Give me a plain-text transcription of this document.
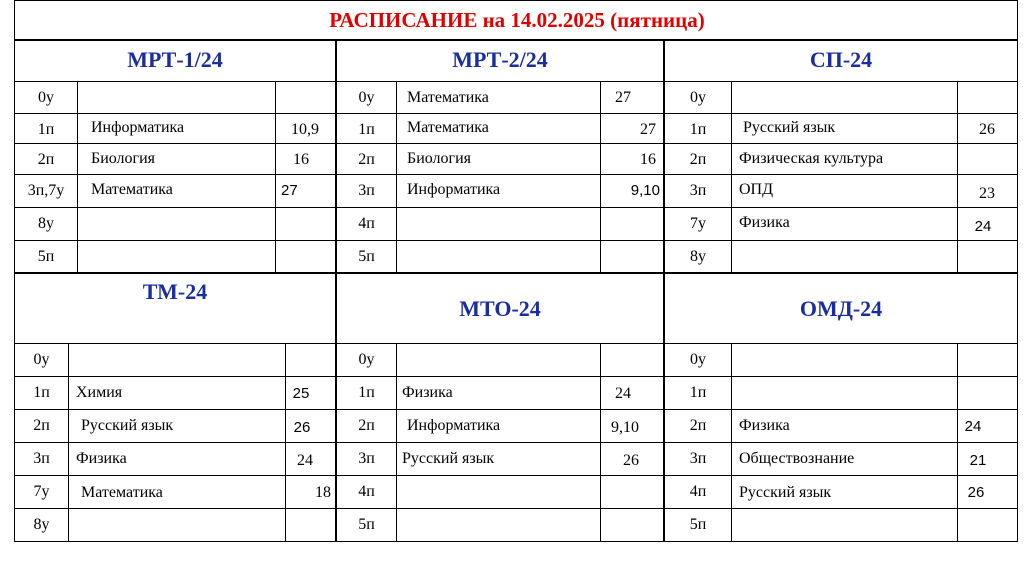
РАСПИСАНИЕ на 14.02.2025 (пятница)
МРТ-1/24	МРТ-2/24	СП-24
ТМ-24
МТО-24	ОМД-24
0у
1п	Информатика	10,9
2п	Биология	16
3п,7у	Математика	27
8у
5п
0у	Математика	27
1п	Математика	27
2п	Биология	16
3п	Информатика	9,10
4п
5п
0у
1п	Русский язык	26
2п	Физическая культура
3п	ОПД	23
7у	Физика	24
8у
0у
1п	Химия	25
2п	Русский язык	26
3п	Физика	24
7у	Математика	18
8у
0у
1п	Физика	24
2п	Информатика	9,10
3п	Русский язык	26
4п
5п
0у
1п
2п	Физика	24
3п	Обществознание	21
4п	Русский язык	26
5п
